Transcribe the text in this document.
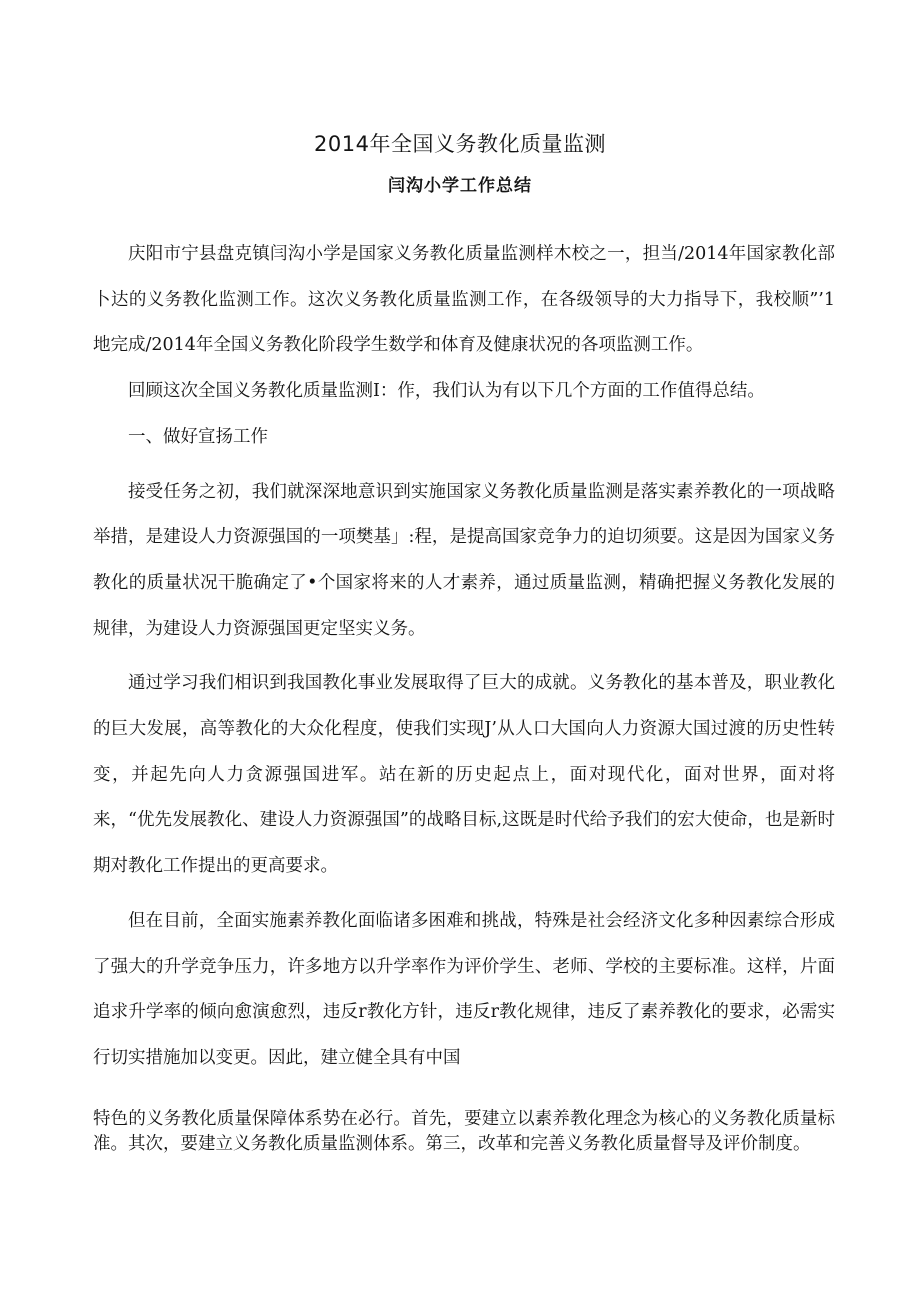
2014年全国义务教化质量监测
闫沟小学工作总结

庆阳市宁县盘克镇闫沟小学是国家义务教化质量监测样木校之一，担当/2014年国家教化部卜达的义务教化监测工作。这次义务教化质量监测工作，在各级领导的大力指导下，我校顺”’1地完成/2014年全国义务教化阶段学生数学和体育及健康状况的各项监测工作。

回顾这次全国义务教化质量监测I：作，我们认为有以下几个方面的工作值得总结。

一、做好宣扬工作

接受任务之初，我们就深深地意识到实施国家义务教化质量监测是落实素养教化的一项战略举措，是建设人力资源强国的一项樊基」:程，是提高国家竞争力的迫切须要。这是因为国家义务教化的质量状况干脆确定了•个国家将来的人才素养，通过质量监测，精确把握义务教化发展的规律，为建设人力资源强国更定坚实义务。

通过学习我们相识到我国教化事业发展取得了巨大的成就。义务教化的基本普及，职业教化的巨大发展，高等教化的大众化程度，使我们实现J’从人口大国向人力资源大国过渡的历史性转变，并起先向人力贪源强国进军。站在新的历史起点上，面对现代化，面对世界，面对将来，“优先发展教化、建设人力资源强国”的战略目标,这既是时代给予我们的宏大使命，也是新时期对教化工作提出的更高要求。

但在目前，全面实施素养教化面临诸多困难和挑战，特殊是社会经济文化多种因素综合形成了强大的升学竞争压力，许多地方以升学率作为评价学生、老师、学校的主要标准。这样，片面追求升学率的倾向愈演愈烈，违反r教化方针，违反r教化规律，违反了素养教化的要求，必需实行切实措施加以变更。因此，建立健全具有中国

特色的义务教化质量保障体系势在必行。首先，要建立以素养教化理念为核心的义务教化质量标准。其次，要建立义务教化质量监测体系。第三，改革和完善义务教化质量督导及评价制度。
